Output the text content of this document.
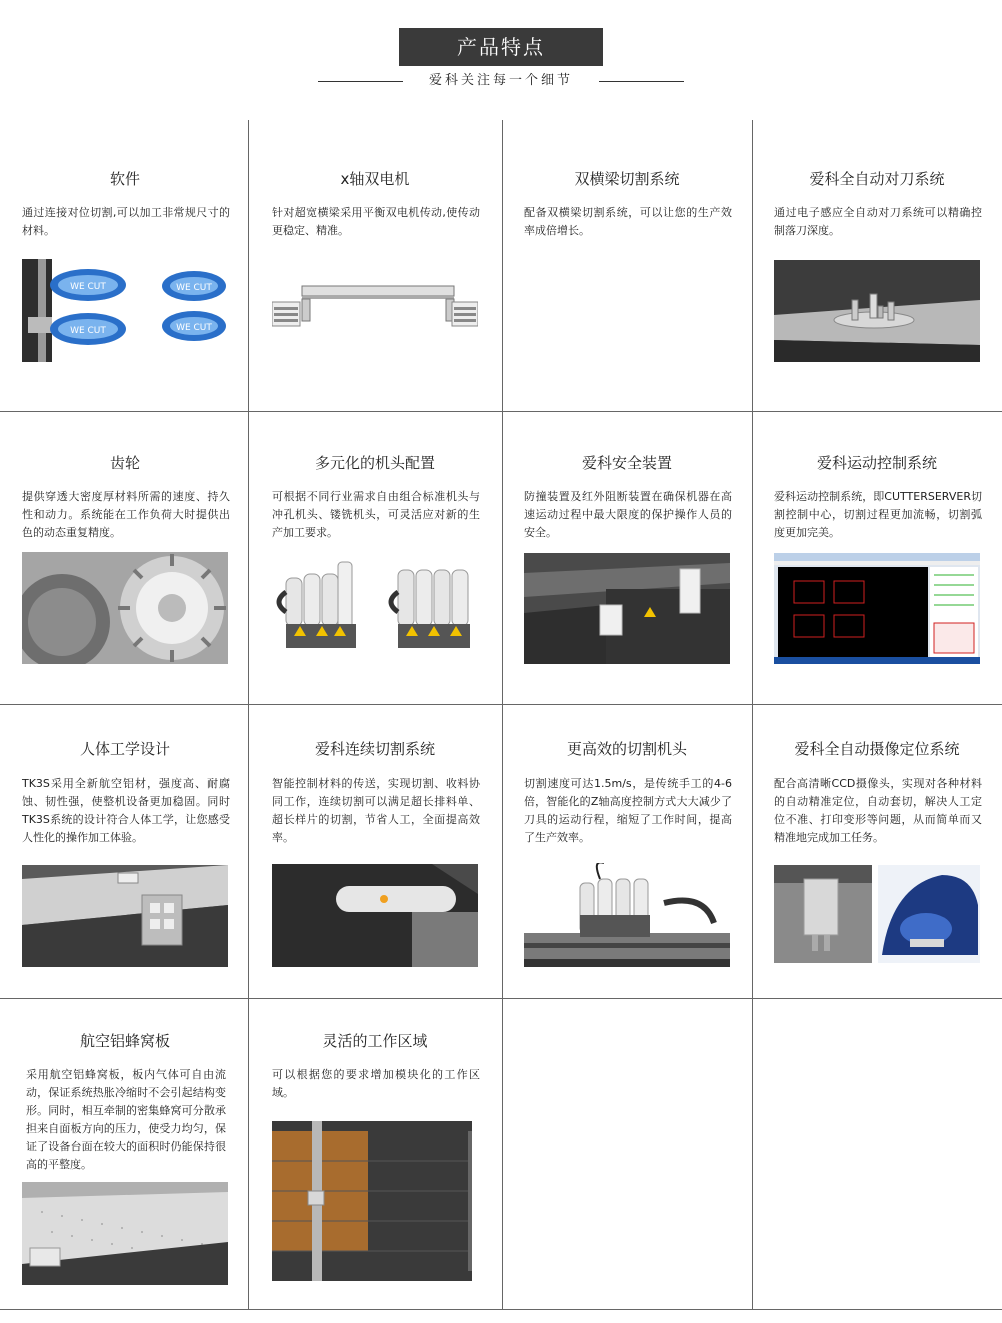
产品特点
爱科关注每一个细节
软件
通过连接对位切割,可以加工非常规尺寸的材料。
WE CUT
WE CUT
WE CUT
WE CUT
x轴双电机
针对超宽横梁采用平衡双电机传动,使传动更稳定、精准。
双横梁切割系统
配备双横梁切割系统，可以让您的生产效率成倍增长。
爱科全自动对刀系统
通过电子感应全自动对刀系统可以精确控制落刀深度。
齿轮
提供穿透大密度厚材料所需的速度、持久性和动力。系统能在工作负荷大时提供出色的动态重复精度。
多元化的机头配置
可根据不同行业需求自由组合标准机头与冲孔机头、镂铣机头，可灵活应对新的生产加工要求。
爱科安全装置
防撞装置及红外阻断装置在确保机器在高速运动过程中最大限度的保护操作人员的安全。
爱科运动控制系统
爱科运动控制系统，即CUTTERSERVER切割控制中心，切割过程更加流畅，切割弧度更加完美。
人体工学设计
TK3S采用全新航空铝材，强度高、耐腐蚀、韧性强，使整机设备更加稳固。同时TK3S系统的设计符合人体工学，让您感受人性化的操作加工体验。
爱科连续切割系统
智能控制材料的传送，实现切割、收料协同工作，连续切割可以满足超长排料单、超长样片的切割，节省人工，全面提高效率。
更高效的切割机头
切割速度可达1.5m/s，是传统手工的4-6倍，智能化的Z轴高度控制方式大大减少了刀具的运动行程，缩短了工作时间，提高了生产效率。
爱科全自动摄像定位系统
配合高清晰CCD摄像头，实现对各种材料的自动精准定位，自动套切，解决人工定位不准、打印变形等问题，从而简单而又精准地完成加工任务。
航空铝蜂窝板
采用航空铝蜂窝板，板内气体可自由流动，保证系统热胀冷缩时不会引起结构变形。同时，相互牵制的密集蜂窝可分散承担来自面板方向的压力，使受力均匀，保证了设备台面在较大的面积时仍能保持很高的平整度。
灵活的工作区域
可以根据您的要求增加模块化的工作区域。
